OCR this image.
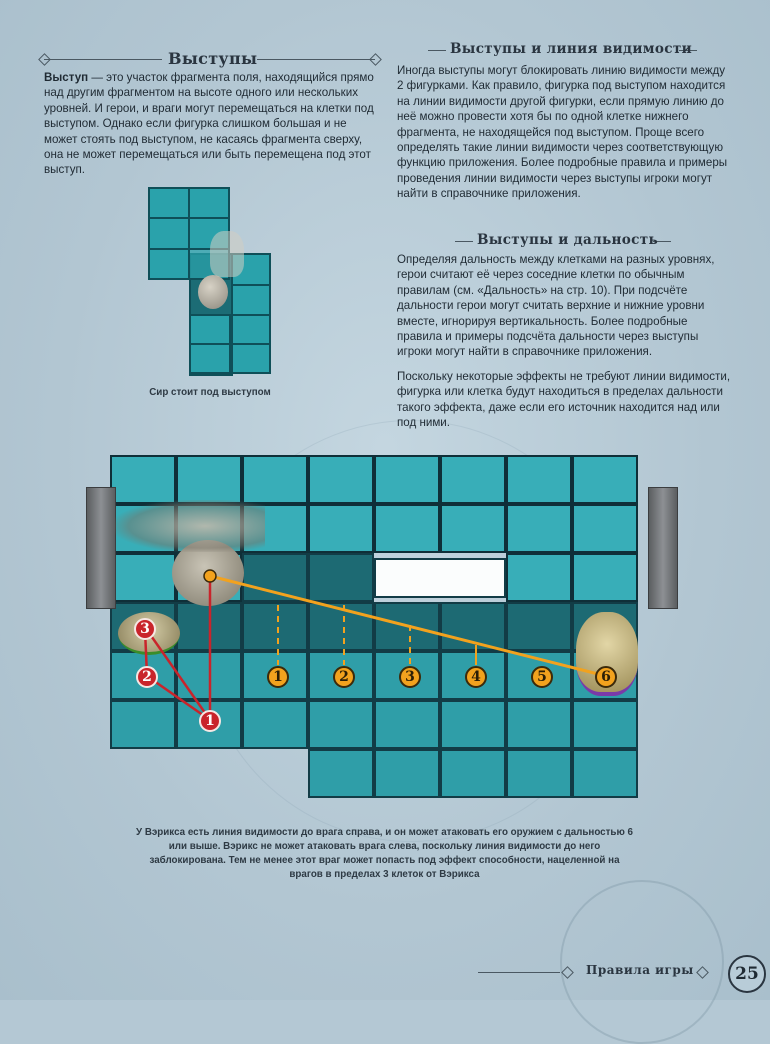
Выступы
Выступ — это участок фрагмента поля, находящийся прямо над другим фрагментом на высоте одного или нескольких уровней. И герои, и враги могут перемещаться на клетки под выступом. Однако если фигурка слишком большая и не может стоять под выступом, не касаясь фрагмента сверху, она не может перемещаться или быть перемещена под этот выступ.
Сир стоит под выступом
Выступы и линия видимости
Иногда выступы могут блокировать линию видимости между 2 фигурками. Как правило, фигурка под выступом находится на линии видимости другой фигурки, если прямую линию до неё можно провести хотя бы по одной клетке нижнего фрагмента, не находящейся под выступом. Проще всего определять такие линии видимости через соответствующую функцию приложения. Более подробные правила и примеры проведения линии видимости через выступы игроки могут найти в справочнике приложения.
Выступы и дальность
Определяя дальность между клетками на разных уровнях, герои считают её через соседние клетки по обычным правилам (см. «Дальность» на стр. 10). При подсчёте дальности герои могут считать верхние и нижние уровни вместе, игнорируя вертикальность. Более подробные правила и примеры подсчёта дальности через выступы игроки могут найти в справочнике приложения.
Поскольку некоторые эффекты не требуют линии видимости, фигурка или клетка будут находиться в пределах дальности такого эффекта, даже если его источник находится над или под ними.
1	2	3	4	5	6
1
2
3
У Вэрикса есть линия видимости до врага справа, и он может атаковать его оружием с дальностью 6 или выше. Вэрикс не может атаковать врага слева, поскольку линия видимости до него заблокирована. Тем не менее этот враг может попасть под эффект способности, нацеленной на врагов в пределах 3 клеток от Вэрикса
Правила игры	25
